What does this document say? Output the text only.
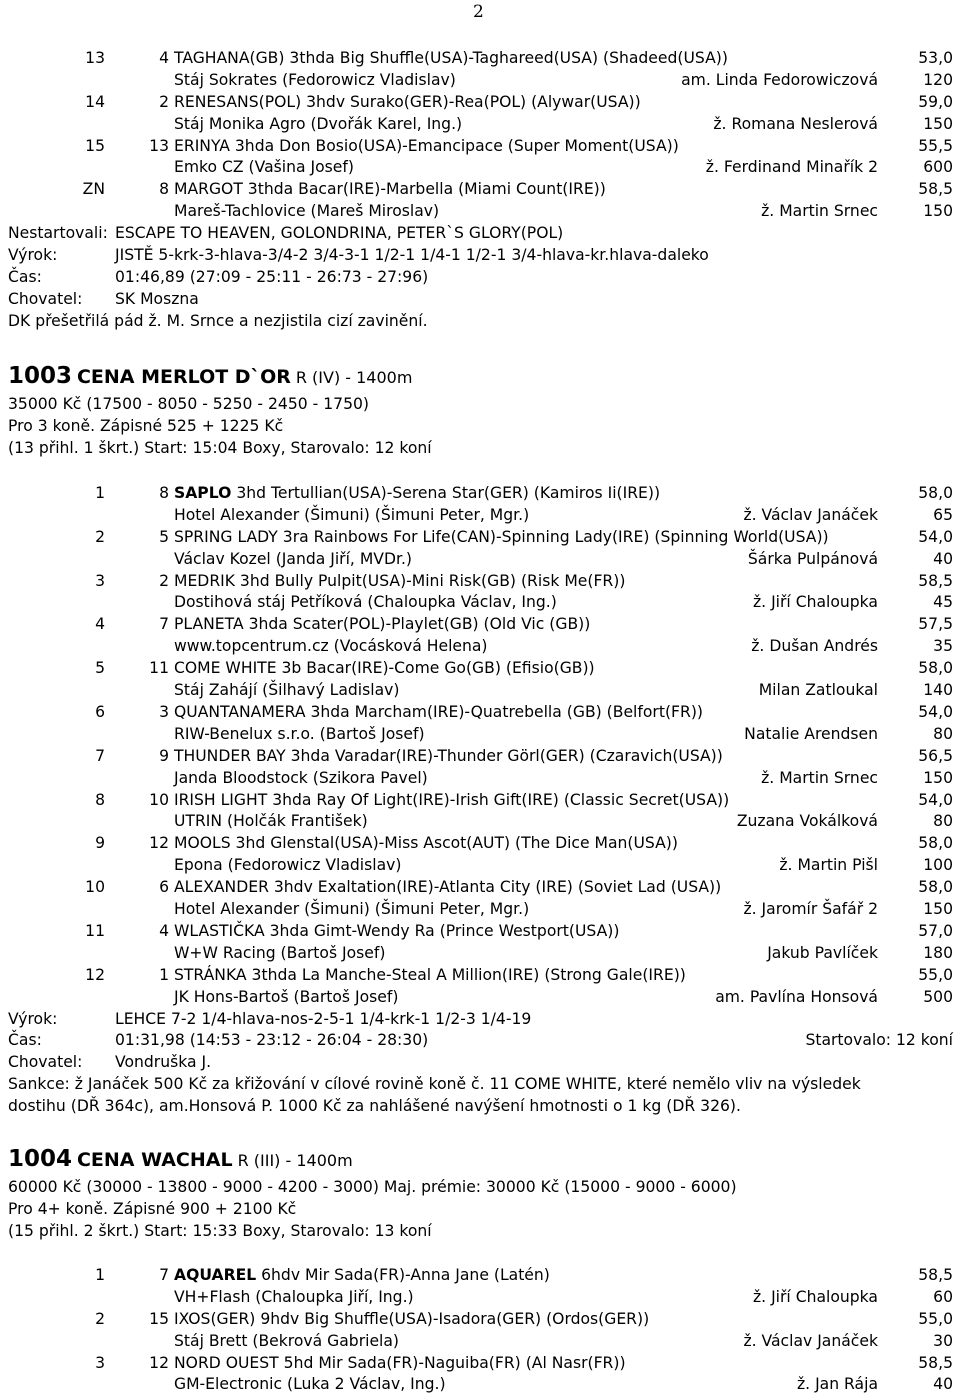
2
13	4 TAGHANA(GB) 3thda Big Shuffle(USA)-Taghareed(USA) (Shadeed(USA))	53,0
Stáj Sokrates (Fedorowicz Vladislav)	am. Linda Fedorowiczová	120
14	2 RENESANS(POL) 3hdv Surako(GER)-Rea(POL) (Alywar(USA))	59,0
Stáj Monika Agro (Dvořák Karel, Ing.)	ž. Romana Neslerová	150
15	13 ERINYA 3hda Don Bosio(USA)-Emancipace (Super Moment(USA))	55,5
Emko CZ (Vašina Josef)	ž. Ferdinand Minařík 2	600
ZN	8 MARGOT 3thda Bacar(IRE)-Marbella (Miami Count(IRE))	58,5
Mareš-Tachlovice (Mareš Miroslav)	ž. Martin Srnec	150
Nestartovali: ESCAPE TO HEAVEN, GOLONDRINA, PETER`S GLORY(POL)
Výrok:	JISTĚ 5-krk-3-hlava-3/4-2 3/4-3-1 1/2-1 1/4-1 1/2-1 3/4-hlava-kr.hlava-daleko
Čas:	01:46,89 (27:09 - 25:11 - 26:73 - 27:96)
Chovatel: SK Moszna
DK přešetřilá pád ž. M. Srnce a nezjistila cizí zavinění.
1003 CENA MERLOT D`OR R (IV) - 1400m
35000 Kč (17500 - 8050 - 5250 - 2450 - 1750)
Pro 3 koně. Zápisné 525 + 1225 Kč
(13 přihl. 1 škrt.) Start: 15:04 Boxy, Starovalo: 12 koní
1	8 SAPLO 3hd Tertullian(USA)-Serena Star(GER) (Kamiros Ii(IRE))	58,0
Hotel Alexander (Šimuni) (Šimuni Peter, Mgr.)	ž. Václav Janáček	65
2	5 SPRING LADY 3ra Rainbows For Life(CAN)-Spinning Lady(IRE) (Spinning World(USA))	54,0
Václav Kozel (Janda Jiří, MVDr.)	Šárka Pulpánová	40
3	2 MEDRIK 3hd Bully Pulpit(USA)-Mini Risk(GB) (Risk Me(FR))	58,5
Dostihová stáj Petříková (Chaloupka Václav, Ing.)	ž. Jiří Chaloupka	45
4	7 PLANETA 3hda Scater(POL)-Playlet(GB) (Old Vic (GB))	57,5
www.topcentrum.cz (Vocásková Helena)	ž. Dušan Andrés	35
5	11 COME WHITE 3b Bacar(IRE)-Come Go(GB) (Efisio(GB))	58,0
Stáj Zahájí (Šilhavý Ladislav)	Milan Zatloukal	140
6	3 QUANTANAMERA 3hda Marcham(IRE)-Quatrebella (GB) (Belfort(FR))	54,0
RIW-Benelux s.r.o. (Bartoš Josef)	Natalie Arendsen	80
7	9 THUNDER BAY 3hda Varadar(IRE)-Thunder Görl(GER) (Czaravich(USA))	56,5
Janda Bloodstock (Szikora Pavel)	ž. Martin Srnec	150
8	10 IRISH LIGHT 3hda Ray Of Light(IRE)-Irish Gift(IRE) (Classic Secret(USA))	54,0
UTRIN (Holčák František)	Zuzana Vokálková	80
9	12 MOOLS 3hd Glenstal(USA)-Miss Ascot(AUT) (The Dice Man(USA))	58,0
Epona (Fedorowicz Vladislav)	ž. Martin Pišl	100
10	6 ALEXANDER 3hdv Exaltation(IRE)-Atlanta City (IRE) (Soviet Lad (USA))	58,0
Hotel Alexander (Šimuni) (Šimuni Peter, Mgr.)	ž. Jaromír Šafář 2	150
11	4 WLASTIČKA 3hda Gimt-Wendy Ra (Prince Westport(USA))	57,0
W+W Racing (Bartoš Josef)	Jakub Pavlíček	180
12	1 STRÁNKA 3thda La Manche-Steal A Million(IRE) (Strong Gale(IRE))	55,0
JK Hons-Bartoš (Bartoš Josef)	am. Pavlína Honsová	500
Výrok:	LEHCE 7-2 1/4-hlava-nos-2-5-1 1/4-krk-1 1/2-3 1/4-19
Čas:	01:31,98 (14:53 - 23:12 - 26:04 - 28:30)	Startovalo: 12 koní
Chovatel: Vondruška J.
Sankce: ž Janáček 500 Kč za křižování v cílové rovině koně č. 11 COME WHITE, které nemělo vliv na výsledek
dostihu (DŘ 364c), am.Honsová P. 1000 Kč za nahlášené navýšení hmotnosti o 1 kg (DŘ 326).
1004 CENA WACHAL R (III) - 1400m
60000 Kč (30000 - 13800 - 9000 - 4200 - 3000) Maj. prémie: 30000 Kč (15000 - 9000 - 6000)
Pro 4+ koně. Zápisné 900 + 2100 Kč
(15 přihl. 2 škrt.) Start: 15:33 Boxy, Starovalo: 13 koní
1	7 AQUAREL 6hdv Mir Sada(FR)-Anna Jane (Latén)	58,5
VH+Flash (Chaloupka Jiří, Ing.)	ž. Jiří Chaloupka	60
2	15 IXOS(GER) 9hdv Big Shuffle(USA)-Isadora(GER) (Ordos(GER))	55,0
Stáj Brett (Bekrová Gabriela)	ž. Václav Janáček	30
3	12 NORD OUEST 5hd Mir Sada(FR)-Naguiba(FR) (Al Nasr(FR))	58,5
GM-Electronic (Luka 2 Václav, Ing.)	ž. Jan Rája	40
